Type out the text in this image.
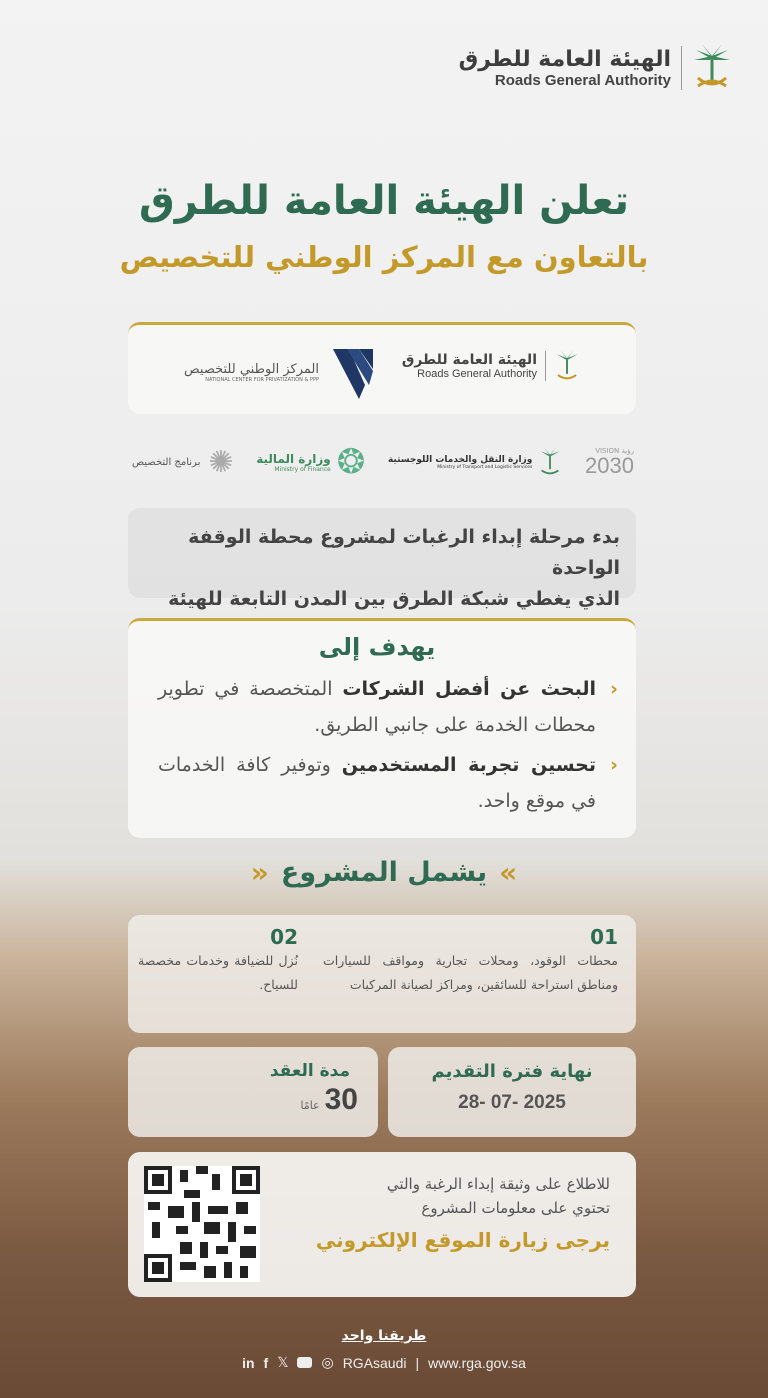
الهيئة العامة للطرق
Roads General Authority
تعلن الهيئة العامة للطرق
بالتعاون مع المركز الوطني للتخصيص
الهيئة العامة للطرق
Roads General Authority
المركز الوطني للتخصيص
NATIONAL CENTER FOR PRIVATIZATION & PPP
برنامج التخصيص ✺ وزارة المالية
Ministry of Finance ❂	وزارة النقل والخدمات اللوجستية
Ministry of Transport and Logistic Services
VISION رؤية
2030
بدء مرحلة إبداء الرغبات لمشروع محطة الوقفة الواحدة
الذي يغطي شبكة الطرق بين المدن التابعة للهيئة
يهدف إلى
‹
البحث عن أفضل الشركات المتخصصة في تطوير محطات الخدمة على جانبي الطريق.
‹
تحسين تجربة المستخدمين وتوفير كافة الخدمات في موقع واحد.
» يشمل المشروع «
01
محطات الوقود، ومحلات تجارية ومواقف للسيارات ومناطق استراحة للسائقين، ومراكز لصيانة المركبات
02
نُزل للضيافة وخدمات مخصصة للسياح.
نهاية فترة التقديم
28- 07- 2025
مدة العقد
عامًا 30
للاطلاع على وثيقة إبداء الرغبة والتي
تحتوي على معلومات المشروع
يرجى زيارة الموقع الإلكتروني
طريقنا واحد
in f 𝕏 ◎ RGAsaudi | www.rga.gov.sa
